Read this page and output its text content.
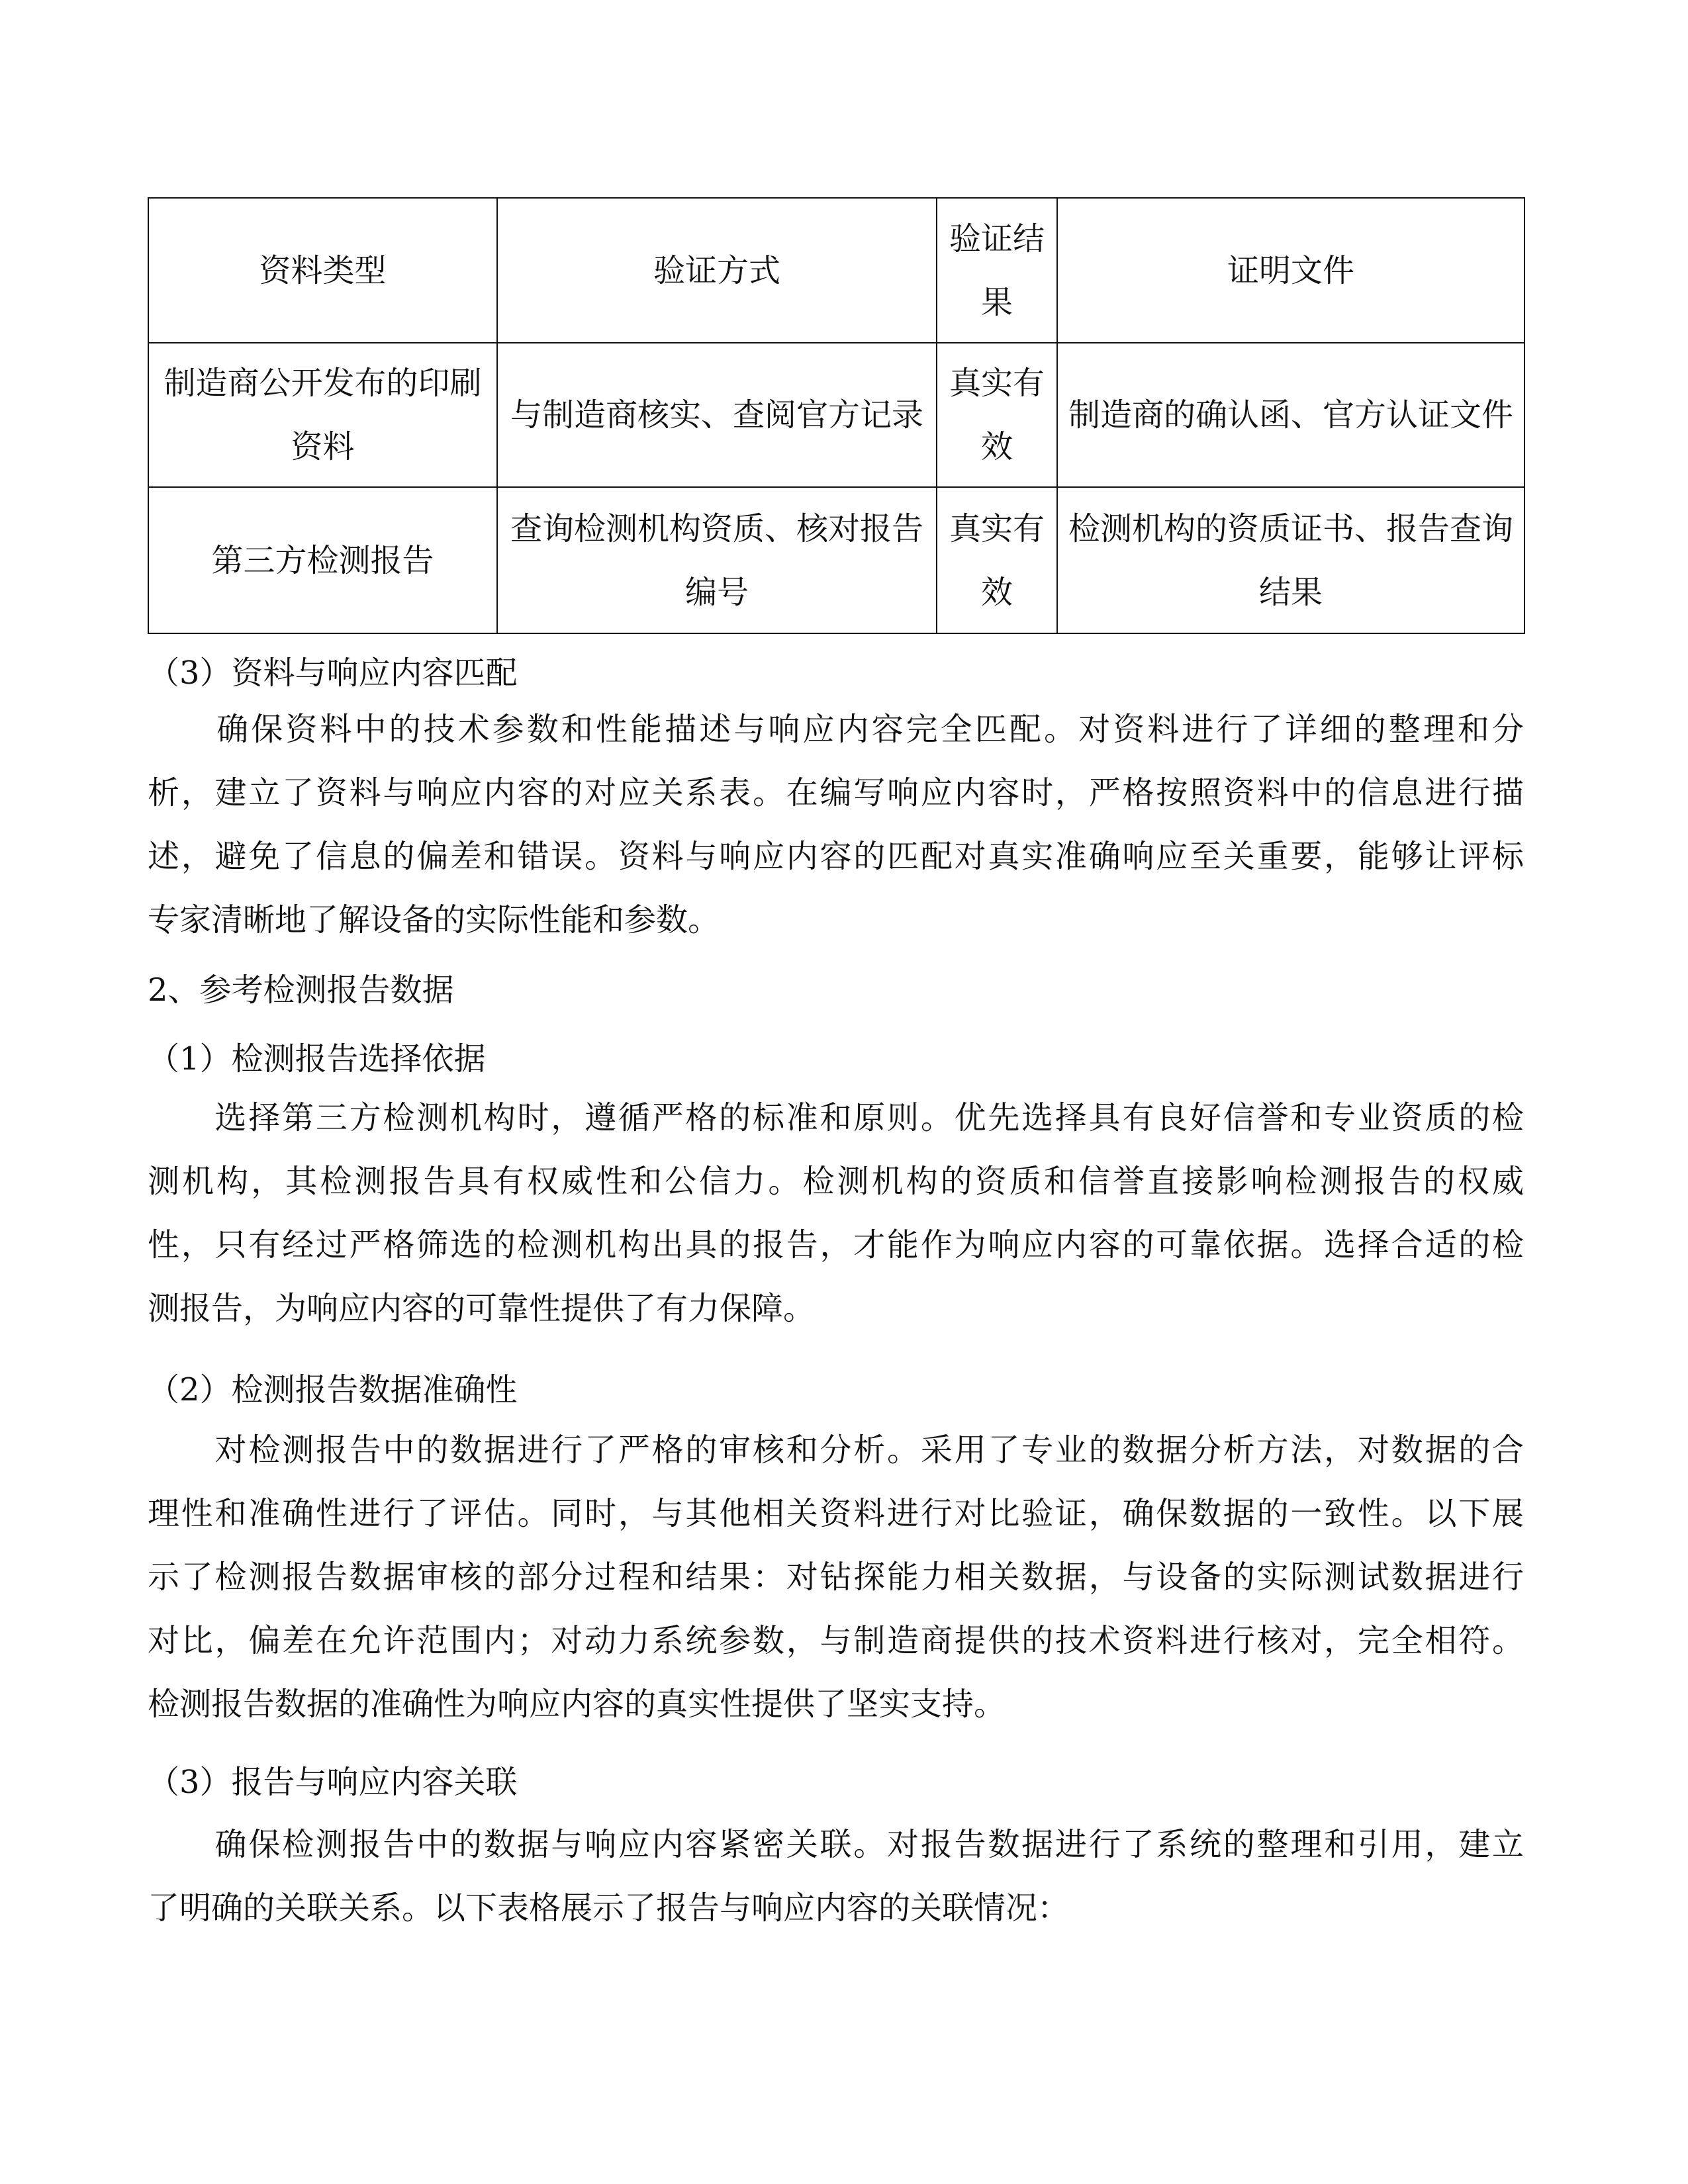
资料类型	验证方式	验证结果	证明文件
制造商公开发布的印刷资料	与制造商核实、查阅官方记录	真实有效	制造商的确认函、官方认证文件
第三方检测报告	查询检测机构资质、核对报告编号	真实有效	检测机构的资质证书、报告查询结果
（3）资料与响应内容匹配
　　确保资料中的技术参数和性能描述与响应内容完全匹配。对资料进行了详细的整理和分
析，建立了资料与响应内容的对应关系表。在编写响应内容时，严格按照资料中的信息进行描
述，避免了信息的偏差和错误。资料与响应内容的匹配对真实准确响应至关重要，能够让评标
专家清晰地了解设备的实际性能和参数。
2、参考检测报告数据
（1）检测报告选择依据
　　选择第三方检测机构时，遵循严格的标准和原则。优先选择具有良好信誉和专业资质的检
测机构，其检测报告具有权威性和公信力。检测机构的资质和信誉直接影响检测报告的权威
性，只有经过严格筛选的检测机构出具的报告，才能作为响应内容的可靠依据。选择合适的检
测报告，为响应内容的可靠性提供了有力保障。
（2）检测报告数据准确性
　　对检测报告中的数据进行了严格的审核和分析。采用了专业的数据分析方法，对数据的合
理性和准确性进行了评估。同时，与其他相关资料进行对比验证，确保数据的一致性。以下展
示了检测报告数据审核的部分过程和结果：对钻探能力相关数据，与设备的实际测试数据进行
对比，偏差在允许范围内；对动力系统参数，与制造商提供的技术资料进行核对，完全相符。
检测报告数据的准确性为响应内容的真实性提供了坚实支持。
（3）报告与响应内容关联
　　确保检测报告中的数据与响应内容紧密关联。对报告数据进行了系统的整理和引用，建立
了明确的关联关系。以下表格展示了报告与响应内容的关联情况：
